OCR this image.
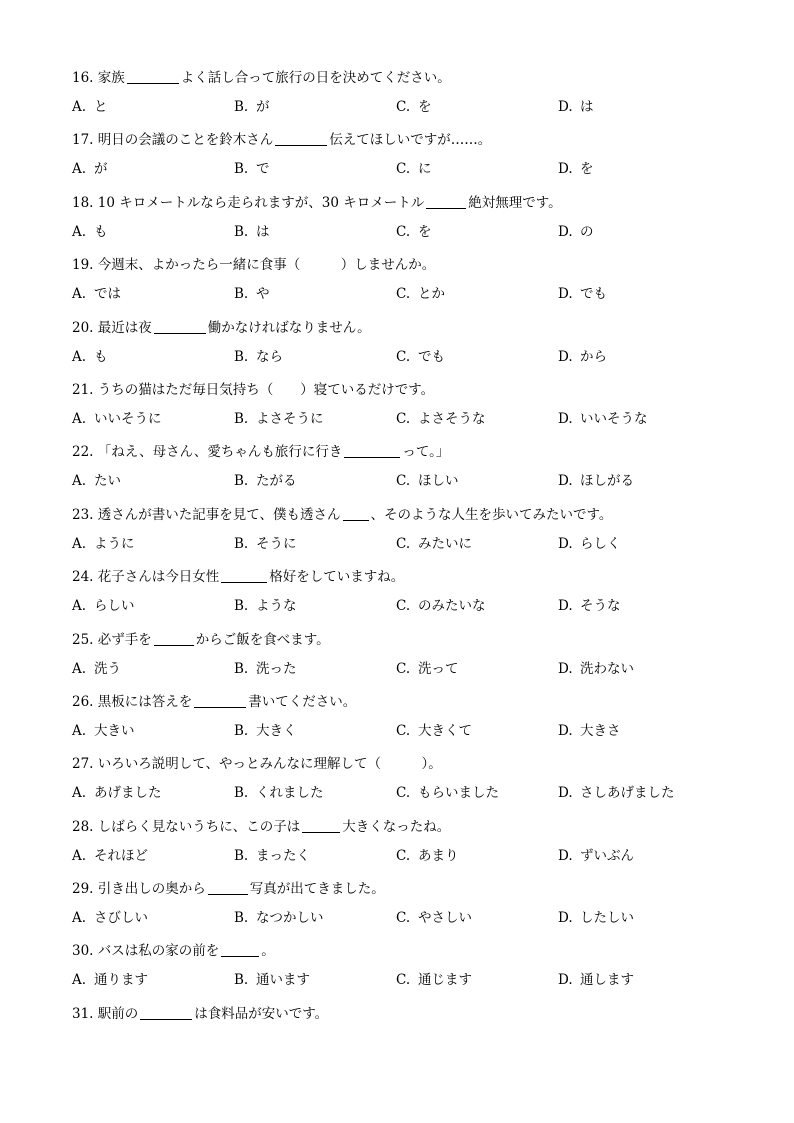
16. 家族	よく話し合って旅行の日を決めてください。
A. と	B. が	C. を	D. は
17. 明日の会議のことを鈴木さん	伝えてほしいですが……。
A. が	B. で	C. に	D. を
18. 10 キロメートルなら走られますが、30 キロメートル	絶対無理です。
A. も	B. は	C. を	D. の
19. 今週末、よかったら一緒に食事（　　　）しませんか。
A. では	B. や	C. とか	D. でも
20. 最近は夜	働かなければなりません。
A. も	B. なら	C. でも	D. から
21. うちの猫はただ毎日気持ち（　　）寝ているだけです。
A. いいそうに	B. よさそうに	C. よさそうな	D. いいそうな
22. 「ねえ、母さん、愛ちゃんも旅行に行き	って。」
A. たい	B. たがる	C. ほしい	D. ほしがる
23. 透さんが書いた記事を見て、僕も透さん 、そのような人生を歩いてみたいです。
A. ように	B. そうに	C. みたいに	D. らしく
24. 花子さんは今日女性	格好をしていますね。
A. らしい	B. ような	C. のみたいな	D. そうな
25. 必ず手を	からご飯を食べます。
A. 洗う	B. 洗った	C. 洗って	D. 洗わない
26. 黒板には答えを	書いてください。
A. 大きい	B. 大きく	C. 大きくて	D. 大きさ
27. いろいろ説明して、やっとみんなに理解して（　　　）。
A. あげました	B. くれました	C. もらいました	D. さしあげました
28. しばらく見ないうちに、この子は	大きくなったね。
A. それほど	B. まったく	C. あまり	D. ずいぶん
29. 引き出しの奥から	写真が出てきました。
A. さびしい	B. なつかしい	C. やさしい	D. したしい
30. バスは私の家の前を	。
A. 通ります	B. 通います	C. 通じます	D. 通します
31. 駅前の	は食料品が安いです。
